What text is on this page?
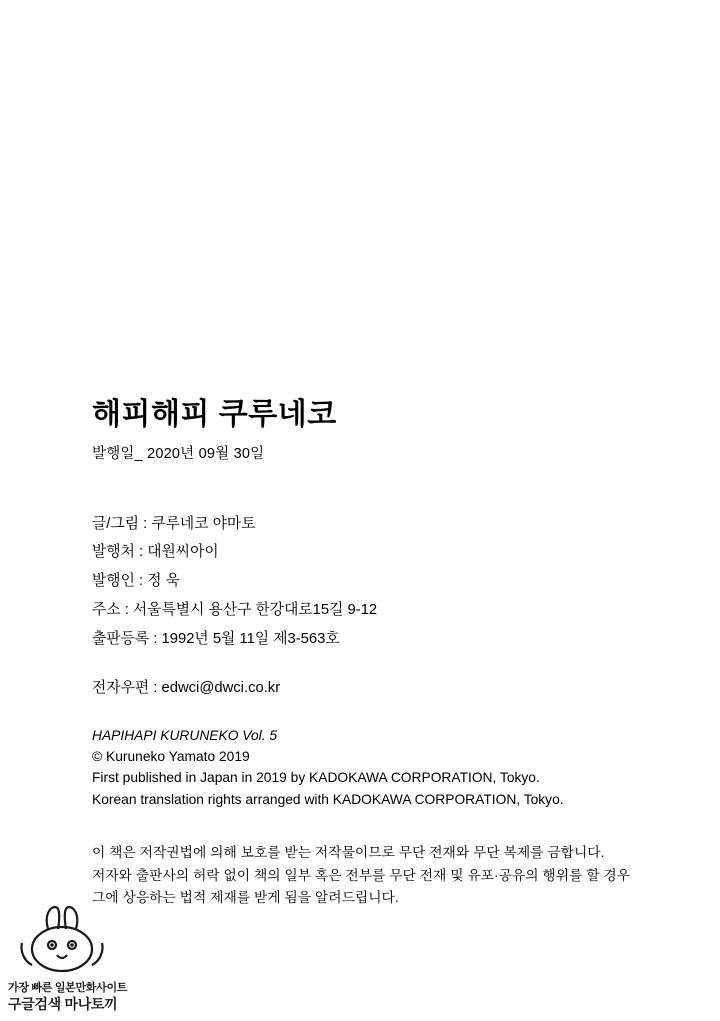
해피해피 쿠루네코
발행일_ 2020년 09월 30일
글/그림 : 쿠루네코 야마토
발행처 : 대원씨아이
발행인 : 정 욱
주소 : 서울특별시 용산구 한강대로15길 9-12
출판등록 : 1992년 5월 11일 제3-563호
전자우편 : edwci@dwci.co.kr
HAPIHAPI KURUNEKO Vol. 5
© Kuruneko Yamato 2019
First published in Japan in 2019 by KADOKAWA CORPORATION, Tokyo.
Korean translation rights arranged with KADOKAWA CORPORATION, Tokyo.
이 책은 저작권법에 의해 보호를 받는 저작물이므로 무단 전재와 무단 복제를 금합니다.
저자와 출판사의 허락 없이 책의 일부 혹은 전부를 무단 전재 및 유포·공유의 행위를 할 경우
그에 상응하는 법적 제재를 받게 됨을 알려드립니다.
가장 빠른 일본만화사이트
구글검색 마나토끼
